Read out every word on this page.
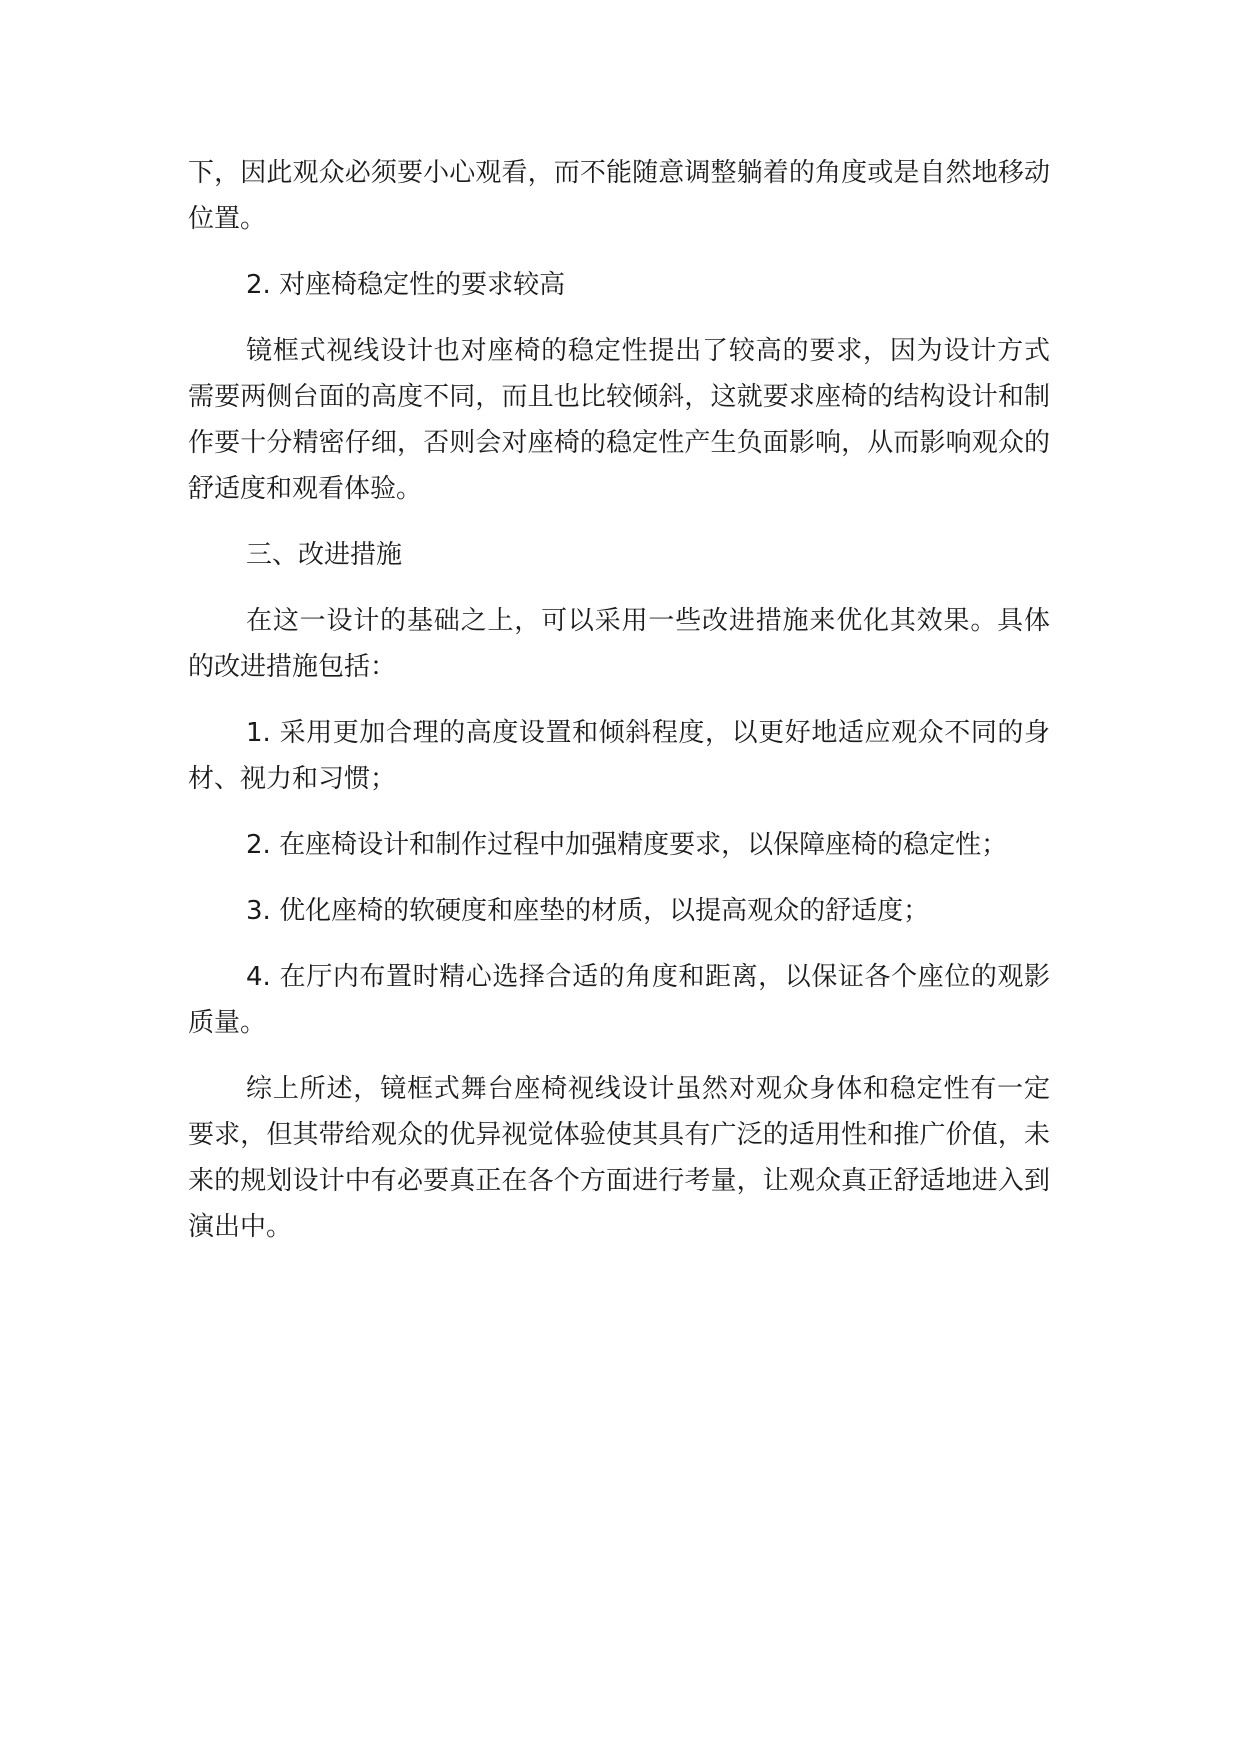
下，因此观众必须要小心观看，而不能随意调整躺着的角度或是自然地移动位置。

2. 对座椅稳定性的要求较高

镜框式视线设计也对座椅的稳定性提出了较高的要求，因为设计方式需要两侧台面的高度不同，而且也比较倾斜，这就要求座椅的结构设计和制作要十分精密仔细，否则会对座椅的稳定性产生负面影响，从而影响观众的舒适度和观看体验。

三、改进措施

在这一设计的基础之上，可以采用一些改进措施来优化其效果。具体的改进措施包括：

1. 采用更加合理的高度设置和倾斜程度，以更好地适应观众不同的身材、视力和习惯；

2. 在座椅设计和制作过程中加强精度要求，以保障座椅的稳定性；

3. 优化座椅的软硬度和座垫的材质，以提高观众的舒适度；

4. 在厅内布置时精心选择合适的角度和距离，以保证各个座位的观影质量。

综上所述，镜框式舞台座椅视线设计虽然对观众身体和稳定性有一定要求，但其带给观众的优异视觉体验使其具有广泛的适用性和推广价值，未来的规划设计中有必要真正在各个方面进行考量，让观众真正舒适地进入到演出中。
